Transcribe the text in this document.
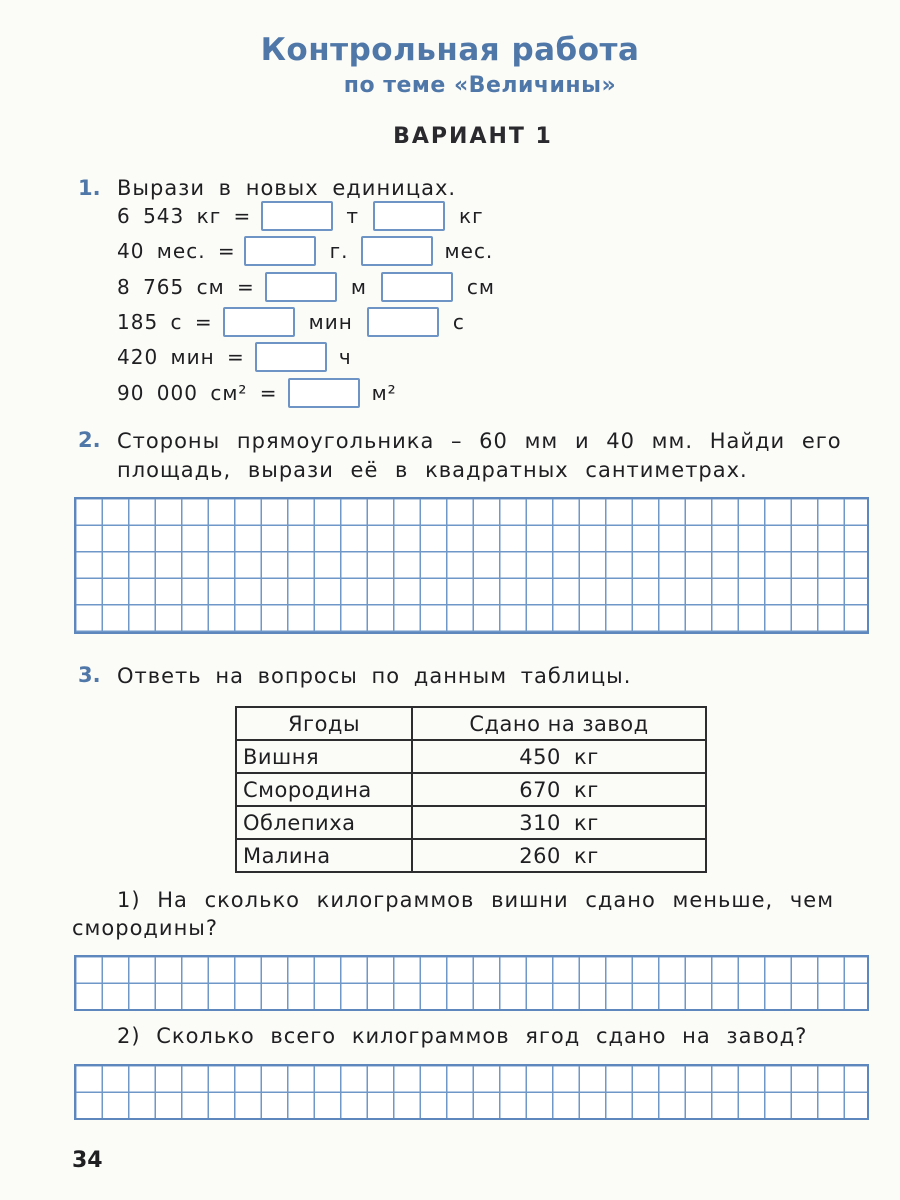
Контрольная работа
по теме «Величины»
ВАРИАНТ 1
1. Вырази в новых единицах.
6 543 кг =	т	кг
40 мес. =	г.	мес.
8 765 см =	м	см
185 с =	мин	с
420 мин =	ч
90 000 см² =	м²
2. Стороны прямоугольника – 60 мм и 40 мм. Найди его
площадь, вырази её в квадратных сантиметрах.
3. Ответь на вопросы по данным таблицы.
Ягоды	Сдано на завод
Вишня	450 кг
Смородина	670 кг
Облепиха	310 кг
Малина	260 кг
1) На сколько килограммов вишни сдано меньше, чем
смородины?
2) Сколько всего килограммов ягод сдано на завод?
34
